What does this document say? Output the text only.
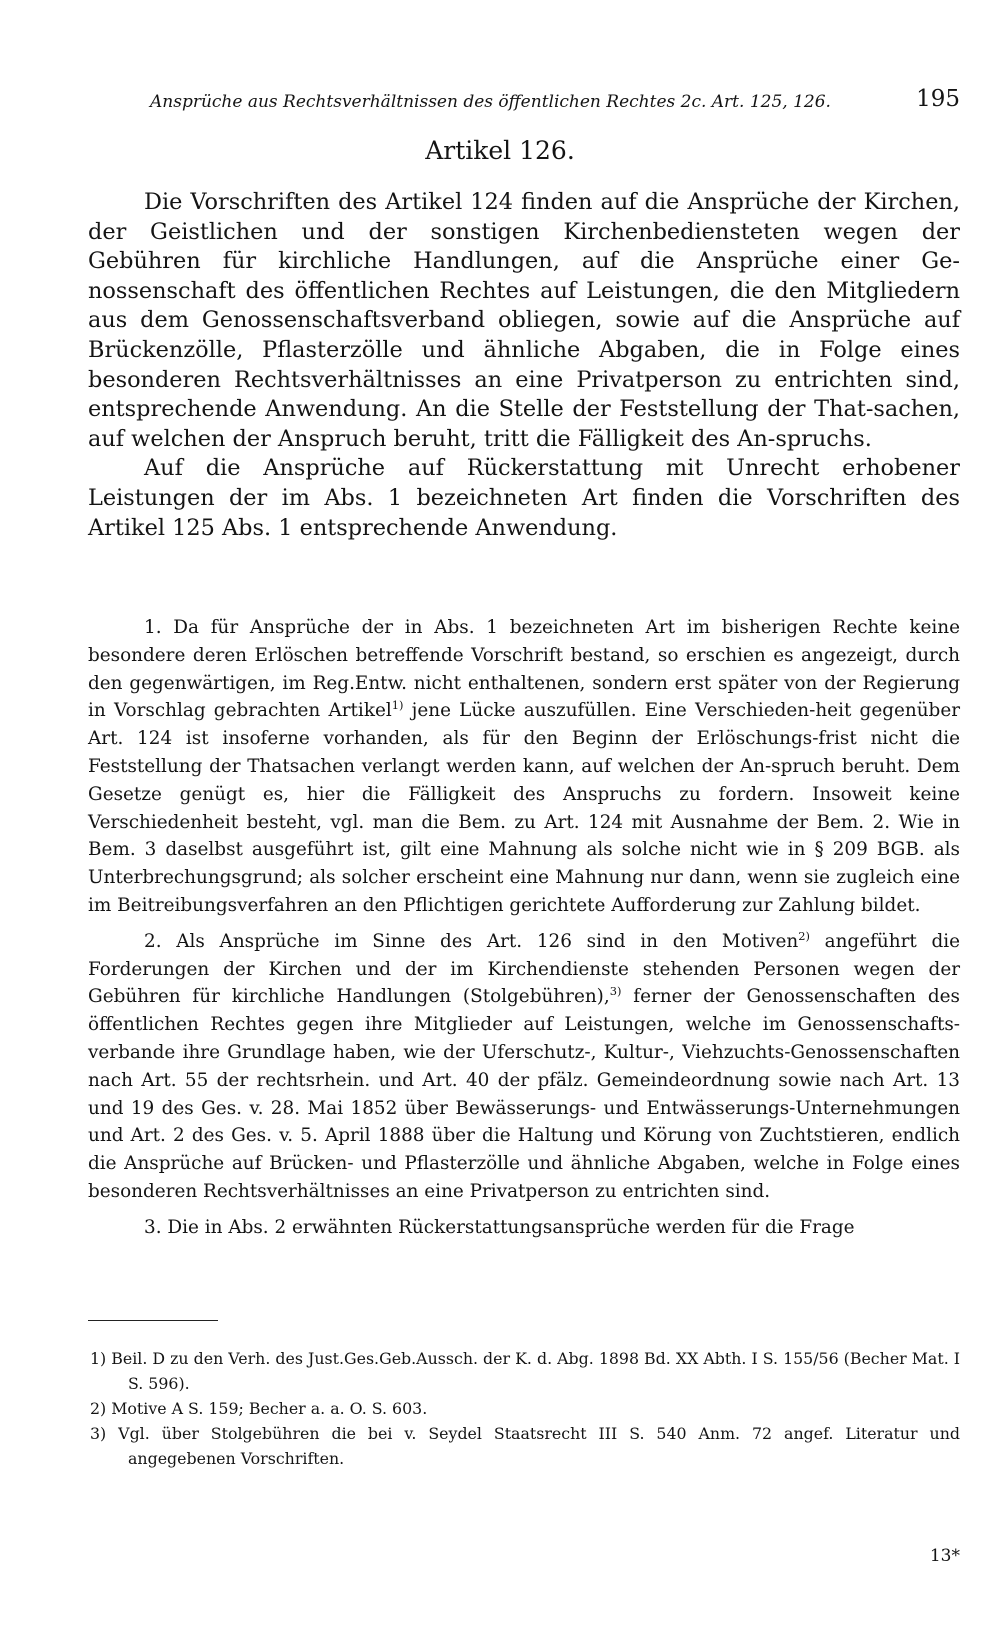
Ansprüche aus Rechtsverhältnissen des öffentlichen Rechtes 2c. Art. 125, 126.	195
Artikel 126.

Die Vorschriften des Artikel 124 finden auf die Ansprüche der Kirchen, der Geistlichen und der sonstigen Kirchenbediensteten wegen der Gebühren für kirchliche Handlungen, auf die Ansprüche einer Ge-nossenschaft des öffentlichen Rechtes auf Leistungen, die den Mitgliedern aus dem Genossenschaftsverband obliegen, sowie auf die Ansprüche auf Brückenzölle, Pflasterzölle und ähnliche Abgaben, die in Folge eines besonderen Rechtsverhältnisses an eine Privatperson zu entrichten sind, entsprechende Anwendung. An die Stelle der Feststellung der That-sachen, auf welchen der Anspruch beruht, tritt die Fälligkeit des An-spruchs.

Auf die Ansprüche auf Rückerstattung mit Unrecht erhobener Leistungen der im Abs. 1 bezeichneten Art finden die Vorschriften des Artikel 125 Abs. 1 entsprechende Anwendung.

1. Da für Ansprüche der in Abs. 1 bezeichneten Art im bisherigen Rechte keine besondere deren Erlöschen betreffende Vorschrift bestand, so erschien es angezeigt, durch den gegenwärtigen, im Reg.Entw. nicht enthaltenen, sondern erst später von der Regierung in Vorschlag gebrachten Artikel$^{1)}$ jene Lücke auszufüllen. Eine Verschieden-heit gegenüber Art. 124 ist insoferne vorhanden, als für den Beginn der Erlöschungs-frist nicht die Feststellung der Thatsachen verlangt werden kann, auf welchen der An-spruch beruht. Dem Gesetze genügt es, hier die Fälligkeit des Anspruchs zu fordern. Insoweit keine Verschiedenheit besteht, vgl. man die Bem. zu Art. 124 mit Ausnahme der Bem. 2. Wie in Bem. 3 daselbst ausgeführt ist, gilt eine Mahnung als solche nicht wie in § 209 BGB. als Unterbrechungsgrund; als solcher erscheint eine Mahnung nur dann, wenn sie zugleich eine im Beitreibungsverfahren an den Pflichtigen gerichtete Aufforderung zur Zahlung bildet.

2. Als Ansprüche im Sinne des Art. 126 sind in den Motiven$^{2)}$ angeführt die Forderungen der Kirchen und der im Kirchendienste stehenden Personen wegen der Gebühren für kirchliche Handlungen (Stolgebühren),$^{3)}$ ferner der Genossenschaften des öffentlichen Rechtes gegen ihre Mitglieder auf Leistungen, welche im Genossenschafts-verbande ihre Grundlage haben, wie der Uferschutz-, Kultur-, Viehzuchts-Genossenschaften nach Art. 55 der rechtsrhein. und Art. 40 der pfälz. Gemeindeordnung sowie nach Art. 13 und 19 des Ges. v. 28. Mai 1852 über Bewässerungs- und Entwässerungs-Unternehmungen und Art. 2 des Ges. v. 5. April 1888 über die Haltung und Körung von Zuchtstieren, endlich die Ansprüche auf Brücken- und Pflasterzölle und ähnliche Abgaben, welche in Folge eines besonderen Rechtsverhältnisses an eine Privatperson zu entrichten sind.

3. Die in Abs. 2 erwähnten Rückerstattungsansprüche werden für die Frage

1) Beil. D zu den Verh. des Just.Ges.Geb.Aussch. der K. d. Abg. 1898 Bd. XX Abth. I S. 155/56 (Becher Mat. I S. 596).

2) Motive A S. 159; Becher a. a. O. S. 603.

3) Vgl. über Stolgebühren die bei v. Seydel Staatsrecht III S. 540 Anm. 72 angef. Literatur und angegebenen Vorschriften.

13*
